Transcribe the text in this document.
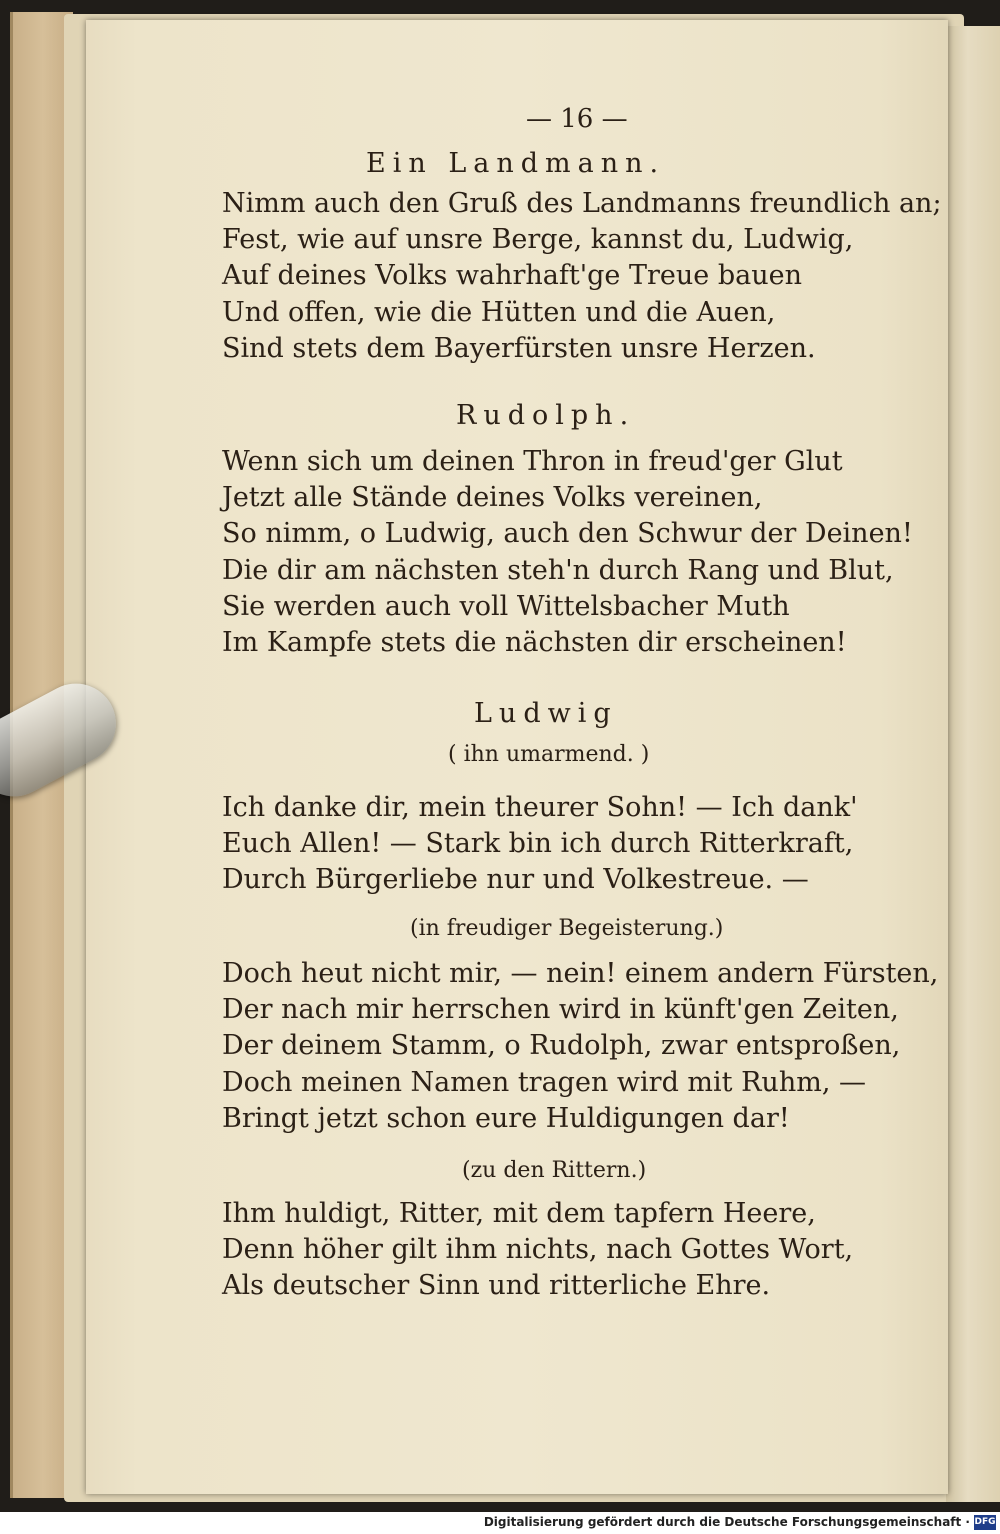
— 16 —
Ein Landmann.
Nimm auch den Gruß des Landmanns freundlich an;
Fest, wie auf unsre Berge, kannst du, Ludwig,
Auf deines Volks wahrhaft'ge Treue bauen
Und offen, wie die Hütten und die Auen,
Sind stets dem Bayerfürsten unsre Herzen.
Rudolph.
Wenn sich um deinen Thron in freud'ger Glut
Jetzt alle Stände deines Volks vereinen,
So nimm, o Ludwig, auch den Schwur der Deinen!
Die dir am nächsten steh'n durch Rang und Blut,
Sie werden auch voll Wittelsbacher Muth
Im Kampfe stets die nächsten dir erscheinen!
Ludwig
( ihn umarmend. )
Ich danke dir, mein theurer Sohn! — Ich dank'
Euch Allen! — Stark bin ich durch Ritterkraft,
Durch Bürgerliebe nur und Volkestreue. —
(in freudiger Begeisterung.)
Doch heut nicht mir, — nein! einem andern Fürsten,
Der nach mir herrschen wird in künft'gen Zeiten,
Der deinem Stamm, o Rudolph, zwar entsproßen,
Doch meinen Namen tragen wird mit Ruhm, —
Bringt jetzt schon eure Huldigungen dar!
(zu den Rittern.)
Ihm huldigt, Ritter, mit dem tapfern Heere,
Denn höher gilt ihm nichts, nach Gottes Wort,
Als deutscher Sinn und ritterliche Ehre.
Digitalisierung gefördert durch die Deutsche Forschungsgemeinschaft · DFG
